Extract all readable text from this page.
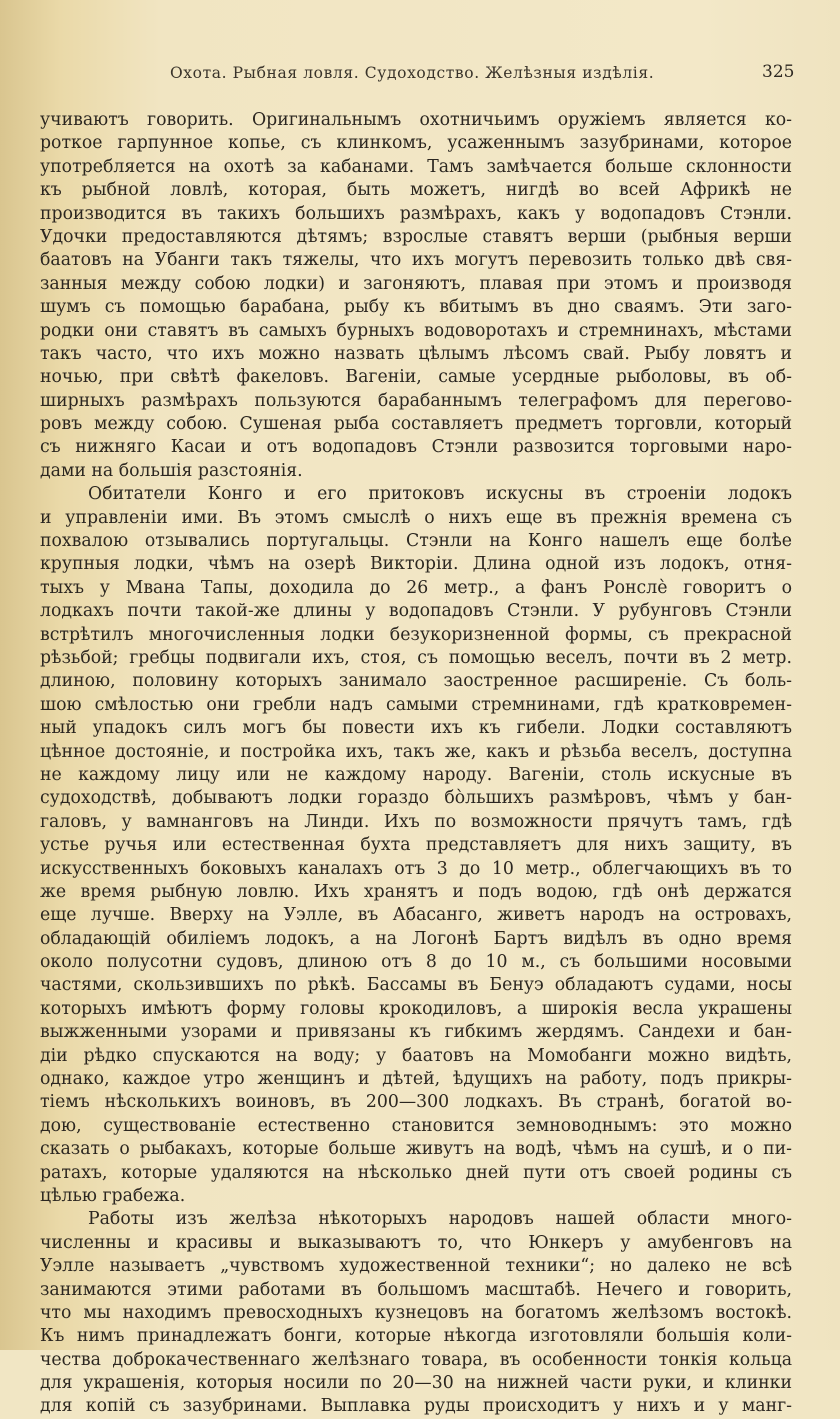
Охота. Рыбная ловля. Судоходство. Желѣзныя издѣлія.	325
учиваютъ говорить. Оригинальнымъ охотничьимъ оружіемъ является ко-
роткое гарпунное копье, съ клинкомъ, усаженнымъ зазубринами, которое
употребляется на охотѣ за кабанами. Тамъ замѣчается больше склонности
къ рыбной ловлѣ, которая, быть можетъ, нигдѣ во всей Африкѣ не
производится въ такихъ большихъ размѣрахъ, какъ у водопадовъ Стэнли.
Удочки предоставляются дѣтямъ; взрослые ставятъ верши (рыбныя верши
баатовъ на Убанги такъ тяжелы, что ихъ могутъ перевозить только двѣ свя-
занныя между собою лодки) и загоняютъ, плавая при этомъ и производя
шумъ съ помощью барабана, рыбу къ вбитымъ въ дно сваямъ. Эти заго-
родки они ставятъ въ самыхъ бурныхъ водоворотахъ и стремнинахъ, мѣстами
такъ часто, что ихъ можно назвать цѣлымъ лѣсомъ свай. Рыбу ловятъ и
ночью, при свѣтѣ факеловъ. Вагеніи, самые усердные рыболовы, въ об-
ширныхъ размѣрахъ пользуются барабаннымъ телеграфомъ для перегово-
ровъ между собою. Сушеная рыба составляетъ предметъ торговли, который
съ нижняго Касаи и отъ водопадовъ Стэнли развозится торговыми наро-
дами на большія разстоянія.
Обитатели Конго и его притоковъ искусны въ строеніи лодокъ
и управленіи ими. Въ этомъ смыслѣ о нихъ еще въ прежнія времена съ
похвалою отзывались португальцы. Стэнли на Конго нашелъ еще болѣе
крупныя лодки, чѣмъ на озерѣ Викторіи. Длина одной изъ лодокъ, отня-
тыхъ у Мвана Тапы, доходила до 26 метр., а фанъ Ронслѐ говоритъ о
лодкахъ почти такой-же длины у водопадовъ Стэнли. У рубунговъ Стэнли
встрѣтилъ многочисленныя лодки безукоризненной формы, съ прекрасной
рѣзьбой; гребцы подвигали ихъ, стоя, съ помощью веселъ, почти въ 2 метр.
длиною, половину которыхъ занимало заостренное расширеніе. Съ боль-
шою смѣлостью они гребли надъ самыми стремнинами, гдѣ кратковремен-
ный упадокъ силъ могъ бы повести ихъ къ гибели. Лодки составляютъ
цѣнное достояніе, и постройка ихъ, такъ же, какъ и рѣзьба веселъ, доступна
не каждому лицу или не каждому народу. Вагеніи, столь искусные въ
судоходствѣ, добываютъ лодки гораздо бо̀льшихъ размѣровъ, чѣмъ у бан-
галовъ, у вамнанговъ на Линди. Ихъ по возможности прячутъ тамъ, гдѣ
устье ручья или естественная бухта представляетъ для нихъ защиту, въ
искусственныхъ боковыхъ каналахъ отъ 3 до 10 метр., облегчающихъ въ то
же время рыбную ловлю. Ихъ хранятъ и подъ водою, гдѣ онѣ держатся
еще лучше. Вверху на Уэлле, въ Абасанго, живетъ народъ на островахъ,
обладающій обиліемъ лодокъ, а на Логонѣ Бартъ видѣлъ въ одно время
около полусотни судовъ, длиною отъ 8 до 10 м., съ большими носовыми
частями, скользившихъ по рѣкѣ. Бассамы въ Бенуэ обладаютъ судами, носы
которыхъ имѣютъ форму головы крокодиловъ, а широкія весла украшены
выжженными узорами и привязаны къ гибкимъ жердямъ. Сандехи и бан-
діи рѣдко спускаются на воду; у баатовъ на Момобанги можно видѣть,
однако, каждое утро женщинъ и дѣтей, ѣдущихъ на работу, подъ прикры-
тіемъ нѣсколькихъ воиновъ, въ 200—300 лодкахъ. Въ странѣ, богатой во-
дою, существованіе естественно становится земноводнымъ: это можно
сказать о рыбакахъ, которые больше живутъ на водѣ, чѣмъ на сушѣ, и о пи-
ратахъ, которые удаляются на нѣсколько дней пути отъ своей родины съ
цѣлью грабежа.
Работы изъ желѣза нѣкоторыхъ народовъ нашей области много-
численны и красивы и выказываютъ то, что Юнкеръ у амубенговъ на
Уэлле называетъ „чувствомъ художественной техники“; но далеко не всѣ
занимаются этими работами въ большомъ масштабѣ. Нечего и говорить,
что мы находимъ превосходныхъ кузнецовъ на богатомъ желѣзомъ востокѣ.
Къ нимъ принадлежатъ бонги, которые нѣкогда изготовляли большія коли-
чества доброкачественнаго желѣзнаго товара, въ особенности тонкія кольца
для украшенія, которыя носили по 20—30 на нижней части руки, и клинки
для копій съ зазубринами. Выплавка руды происходитъ у нихъ и у манг-
